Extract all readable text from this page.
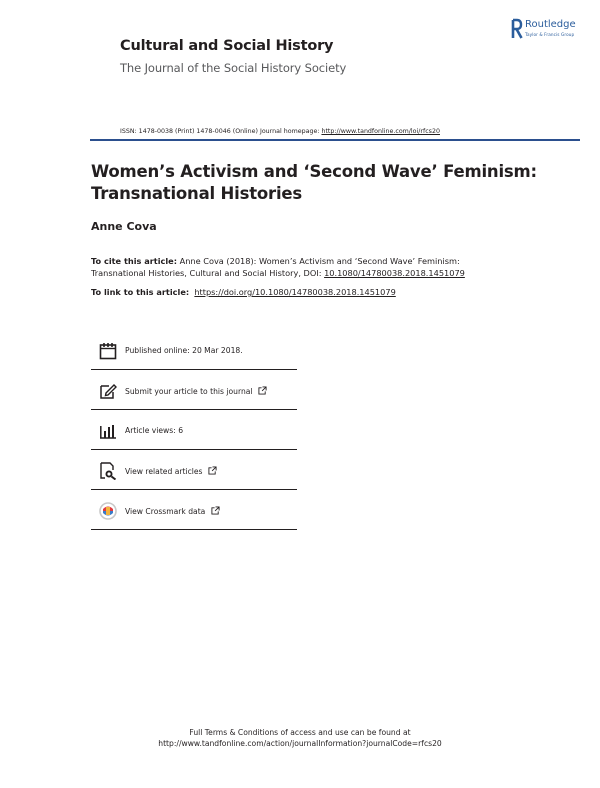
Cultural and Social History
The Journal of the Social History Society
Routledge
Taylor & Francis Group
ISSN: 1478-0038 (Print) 1478-0046 (Online) Journal homepage: http://www.tandfonline.com/loi/rfcs20
Women’s Activism and ‘Second Wave’ Feminism: Transnational Histories
Anne Cova
To cite this article: Anne Cova (2018): Women’s Activism and ‘Second Wave’ Feminism: Transnational Histories, Cultural and Social History, DOI: 10.1080/14780038.2018.1451079
To link to this article: https://doi.org/10.1080/14780038.2018.1451079
Published online: 20 Mar 2018.
Submit your article to this journal
Article views: 6
View related articles
View Crossmark data
Full Terms & Conditions of access and use can be found at
http://www.tandfonline.com/action/journalInformation?journalCode=rfcs20
